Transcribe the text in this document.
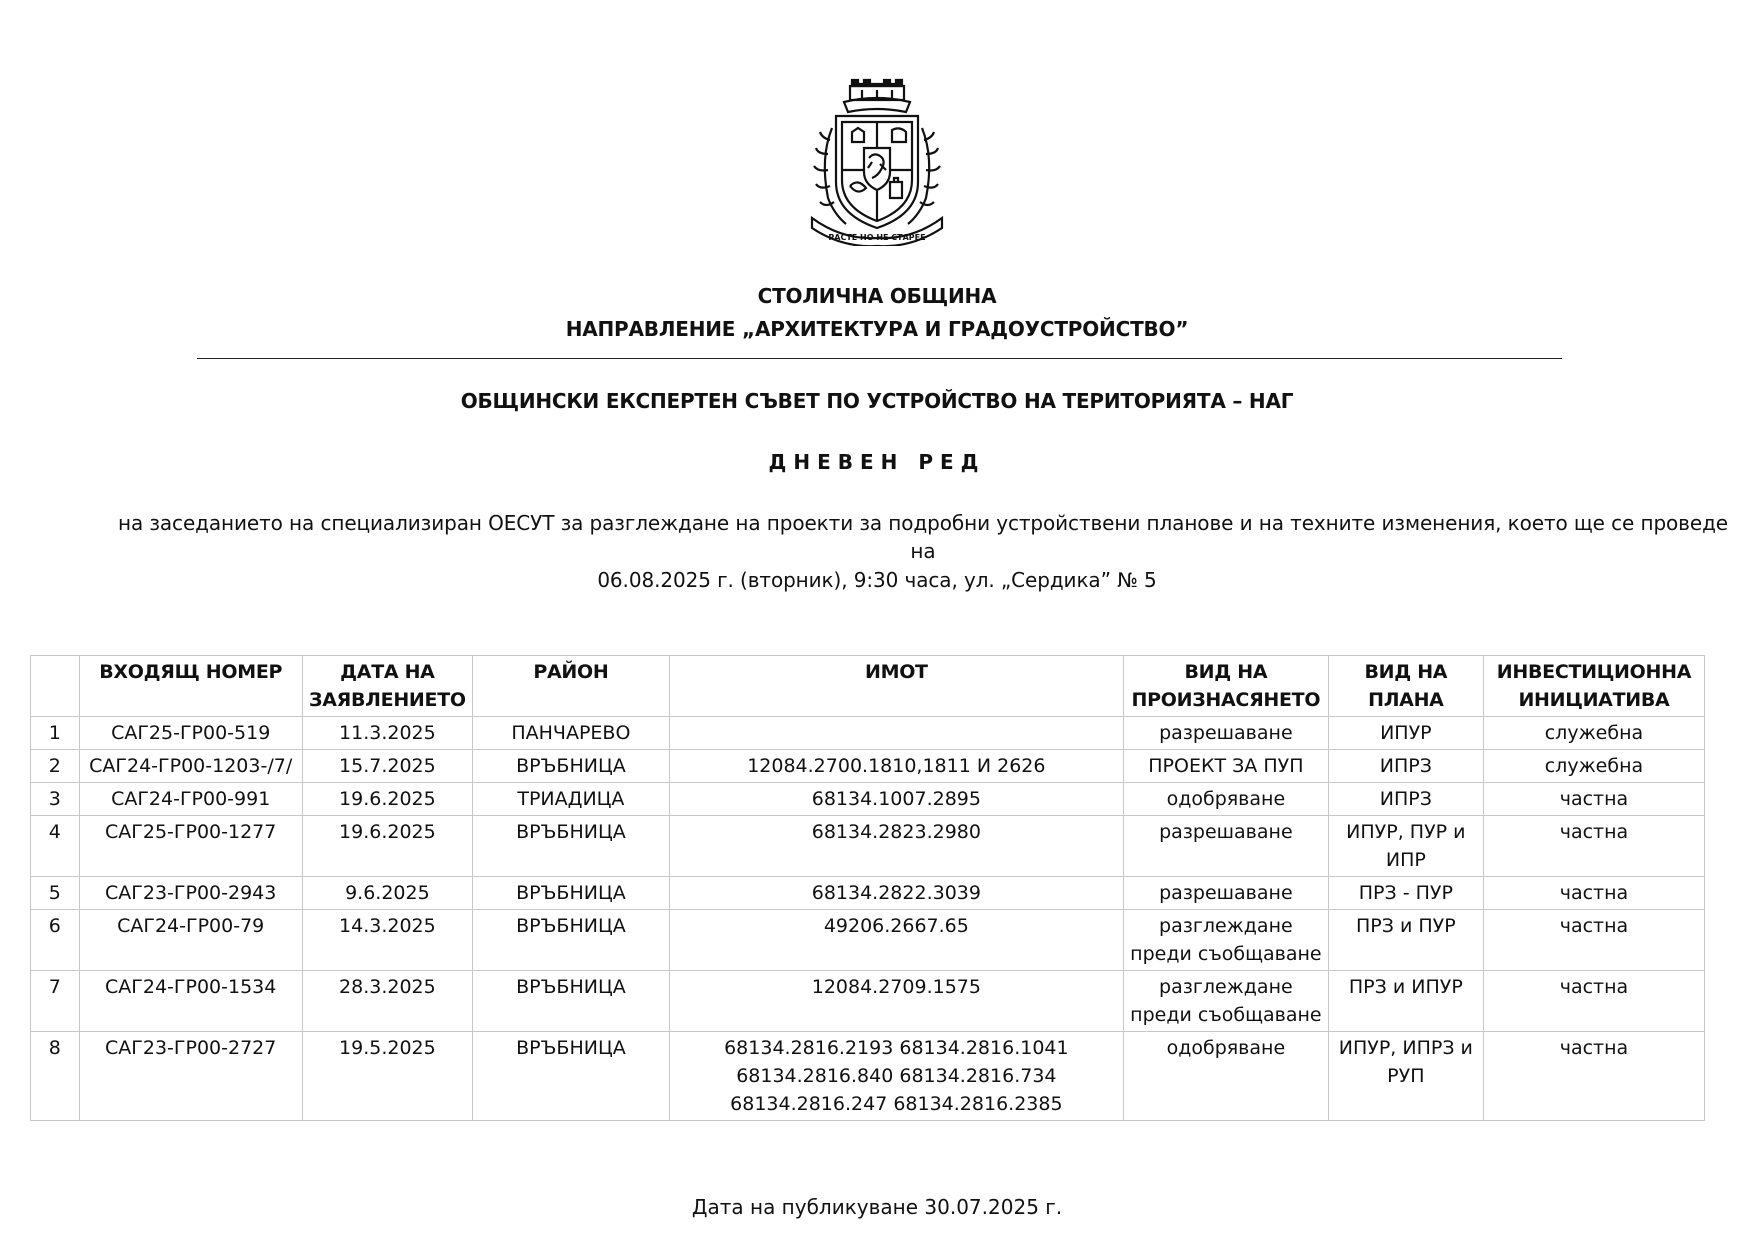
РАСТЕ НО НЕ СТАРЕЕ
СТОЛИЧНА ОБЩИНА
НАПРАВЛЕНИЕ „АРХИТЕКТУРА И ГРАДОУСТРОЙСТВО”
ОБЩИНСКИ ЕКСПЕРТЕН СЪВЕТ ПО УСТРОЙСТВО НА ТЕРИТОРИЯТА – НАГ
ДНЕВЕН РЕД
на заседанието на специализиран ОЕСУТ за разглеждане на проекти за подробни устройствени планове и на техните изменения, което ще се проведе на
06.08.2025 г. (вторник), 9:30 часа, ул. „Сердика” № 5
	ВХОДЯЩ НОМЕР	ДАТА НА ЗАЯВЛЕНИЕТО	РАЙОН	ИМОТ	ВИД НА ПРОИЗНАСЯНЕТО	ВИД НА ПЛАНА	ИНВЕСТИЦИОННА ИНИЦИАТИВА
1	САГ25-ГР00-519	11.3.2025	ПАНЧАРЕВО		разрешаване	ИПУР	служебна
2	САГ24-ГР00-1203-/7/	15.7.2025	ВРЪБНИЦА	12084.2700.1810,1811 И 2626	ПРОЕКТ ЗА ПУП	ИПРЗ	служебна
3	САГ24-ГР00-991	19.6.2025	ТРИАДИЦА	68134.1007.2895	одобряване	ИПРЗ	частна
4	САГ25-ГР00-1277	19.6.2025	ВРЪБНИЦА	68134.2823.2980	разрешаване	ИПУР, ПУР и ИПР	частна
5	САГ23-ГР00-2943	9.6.2025	ВРЪБНИЦА	68134.2822.3039	разрешаване	ПРЗ - ПУР	частна
6	САГ24-ГР00-79	14.3.2025	ВРЪБНИЦА	49206.2667.65	разглеждане преди съобщаване	ПРЗ и ПУР	частна
7	САГ24-ГР00-1534	28.3.2025	ВРЪБНИЦА	12084.2709.1575	разглеждане преди съобщаване	ПРЗ и ИПУР	частна
8	САГ23-ГР00-2727	19.5.2025	ВРЪБНИЦА	68134.2816.2193 68134.2816.1041 68134.2816.840 68134.2816.734 68134.2816.247 68134.2816.2385	одобряване	ИПУР, ИПРЗ и РУП	частна
Дата на публикуване 30.07.2025 г.
